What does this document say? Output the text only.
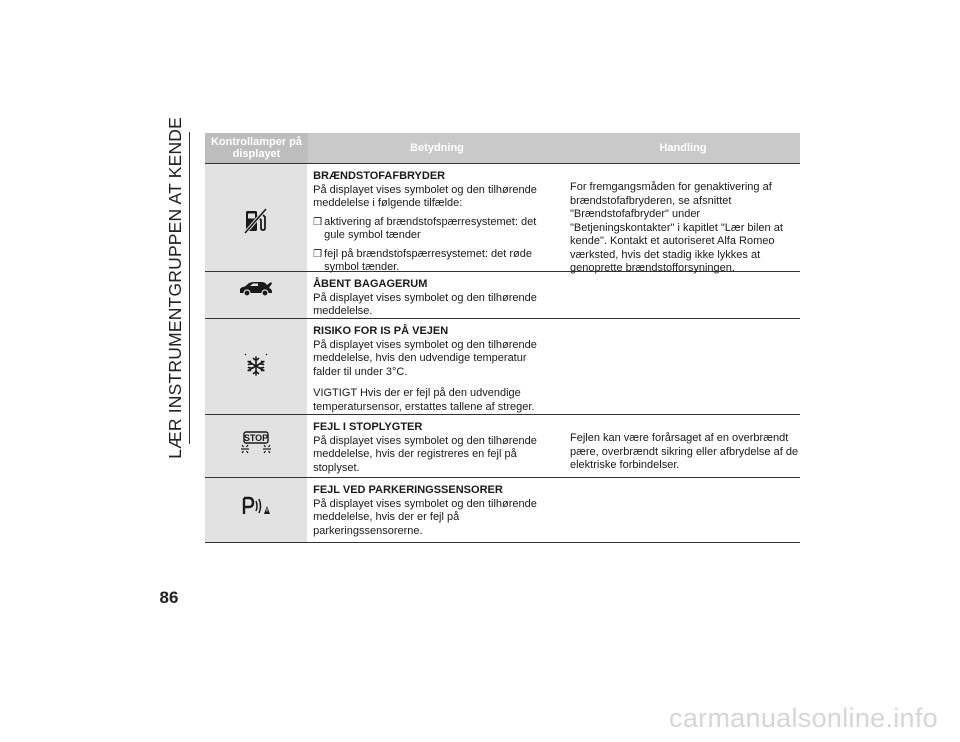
LÆR INSTRUMENTGRUPPEN AT KENDE
86
Kontrollamper på displayet	Betydning	Handling
BRÆNDSTOFAFBRYDER
På displayet vises symbolet og den tilhørende meddelelse i følgende tilfælde:
❒ aktivering af brændstofspærresystemet: det gule symbol tænder
❒ fejl på brændstofspærresystemet: det røde symbol tænder.
For fremgangsmåden for genaktivering af brændstofafbryderen, se afsnittet "Brændstofafbryder" under "Betjeningskontakter" i kapitlet "Lær bilen at kende". Kontakt et autoriseret Alfa Romeo værksted, hvis det stadig ikke lykkes at genoprette brændstofforsyningen.
ÅBENT BAGAGERUM
På displayet vises symbolet og den tilhørende meddelelse.
RISIKO FOR IS PÅ VEJEN
På displayet vises symbolet og den tilhørende meddelelse, hvis den udvendige temperatur falder til under 3°C.
VIGTIGT Hvis der er fejl på den udvendige temperatursensor, erstattes tallene af streger.
STOP
FEJL I STOPLYGTER
På displayet vises symbolet og den tilhørende meddelelse, hvis der registreres en fejl på stoplyset.
Fejlen kan være forårsaget af en overbrændt pære, overbrændt sikring eller afbrydelse af de elektriske forbindelser.
FEJL VED PARKERINGSSENSORER
På displayet vises symbolet og den tilhørende meddelelse, hvis der er fejl på parkeringssensorerne.
carmanualsonline.info
